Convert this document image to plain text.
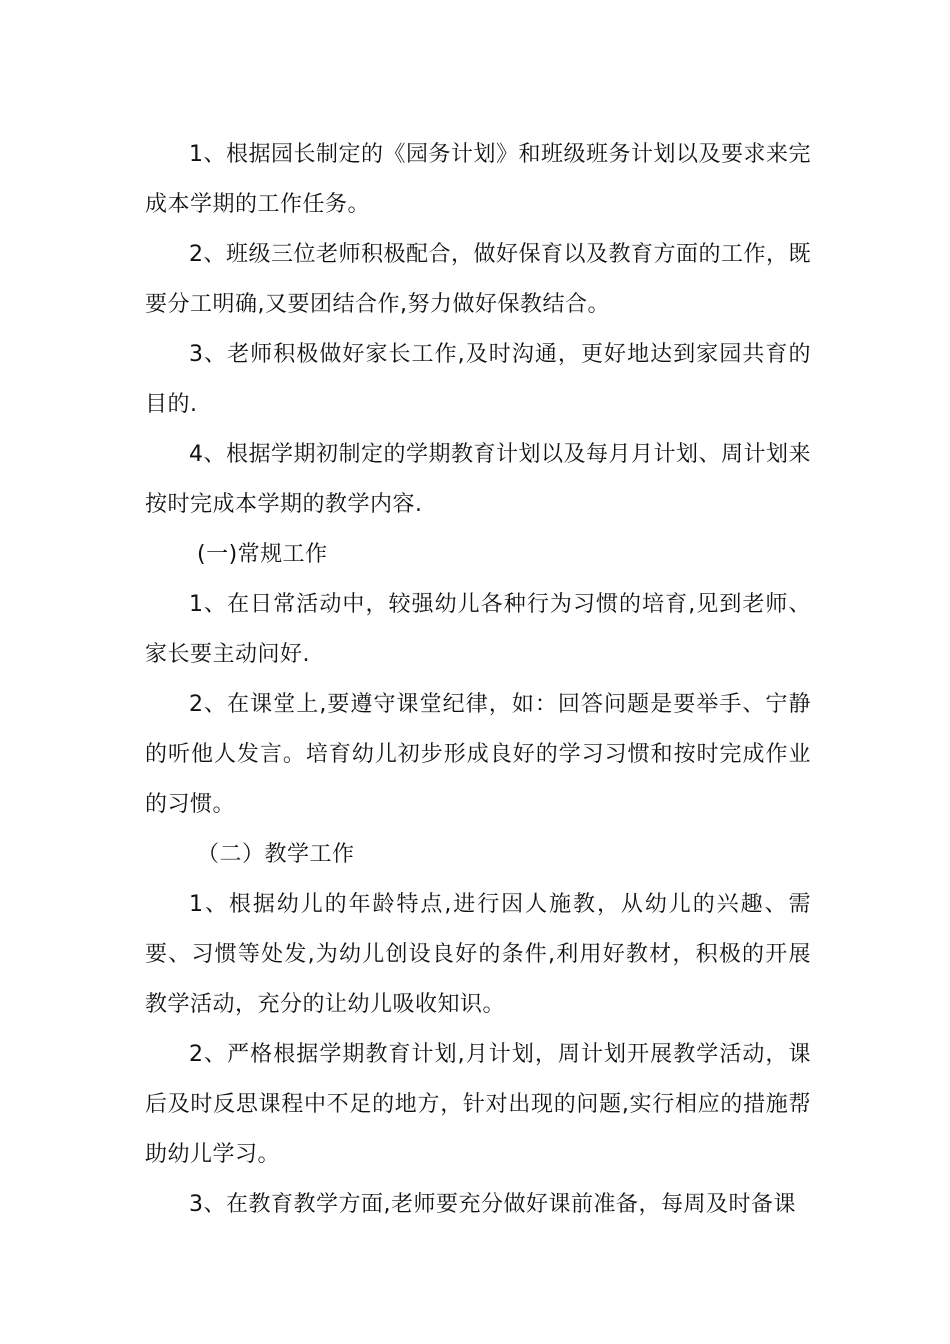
1、根据园长制定的《园务计划》和班级班务计划以及要求来完成本学期的工作任务。

2、班级三位老师积极配合，做好保育以及教育方面的工作，既要分工明确,又要团结合作,努力做好保教结合。

3、老师积极做好家长工作,及时沟通，更好地达到家园共育的目的.

4、根据学期初制定的学期教育计划以及每月月计划、周计划来按时完成本学期的教学内容.

(一)常规工作

1、在日常活动中，较强幼儿各种行为习惯的培育,见到老师、家长要主动问好.

2、在课堂上,要遵守课堂纪律，如：回答问题是要举手、宁静的听他人发言。培育幼儿初步形成良好的学习习惯和按时完成作业的习惯。

（二）教学工作

1、根据幼儿的年龄特点,进行因人施教，从幼儿的兴趣、需要、习惯等处发,为幼儿创设良好的条件,利用好教材，积极的开展教学活动，充分的让幼儿吸收知识。

2、严格根据学期教育计划,月计划，周计划开展教学活动，课后及时反思课程中不足的地方，针对出现的问题,实行相应的措施帮助幼儿学习。

3、在教育教学方面,老师要充分做好课前准备，每周及时备课
